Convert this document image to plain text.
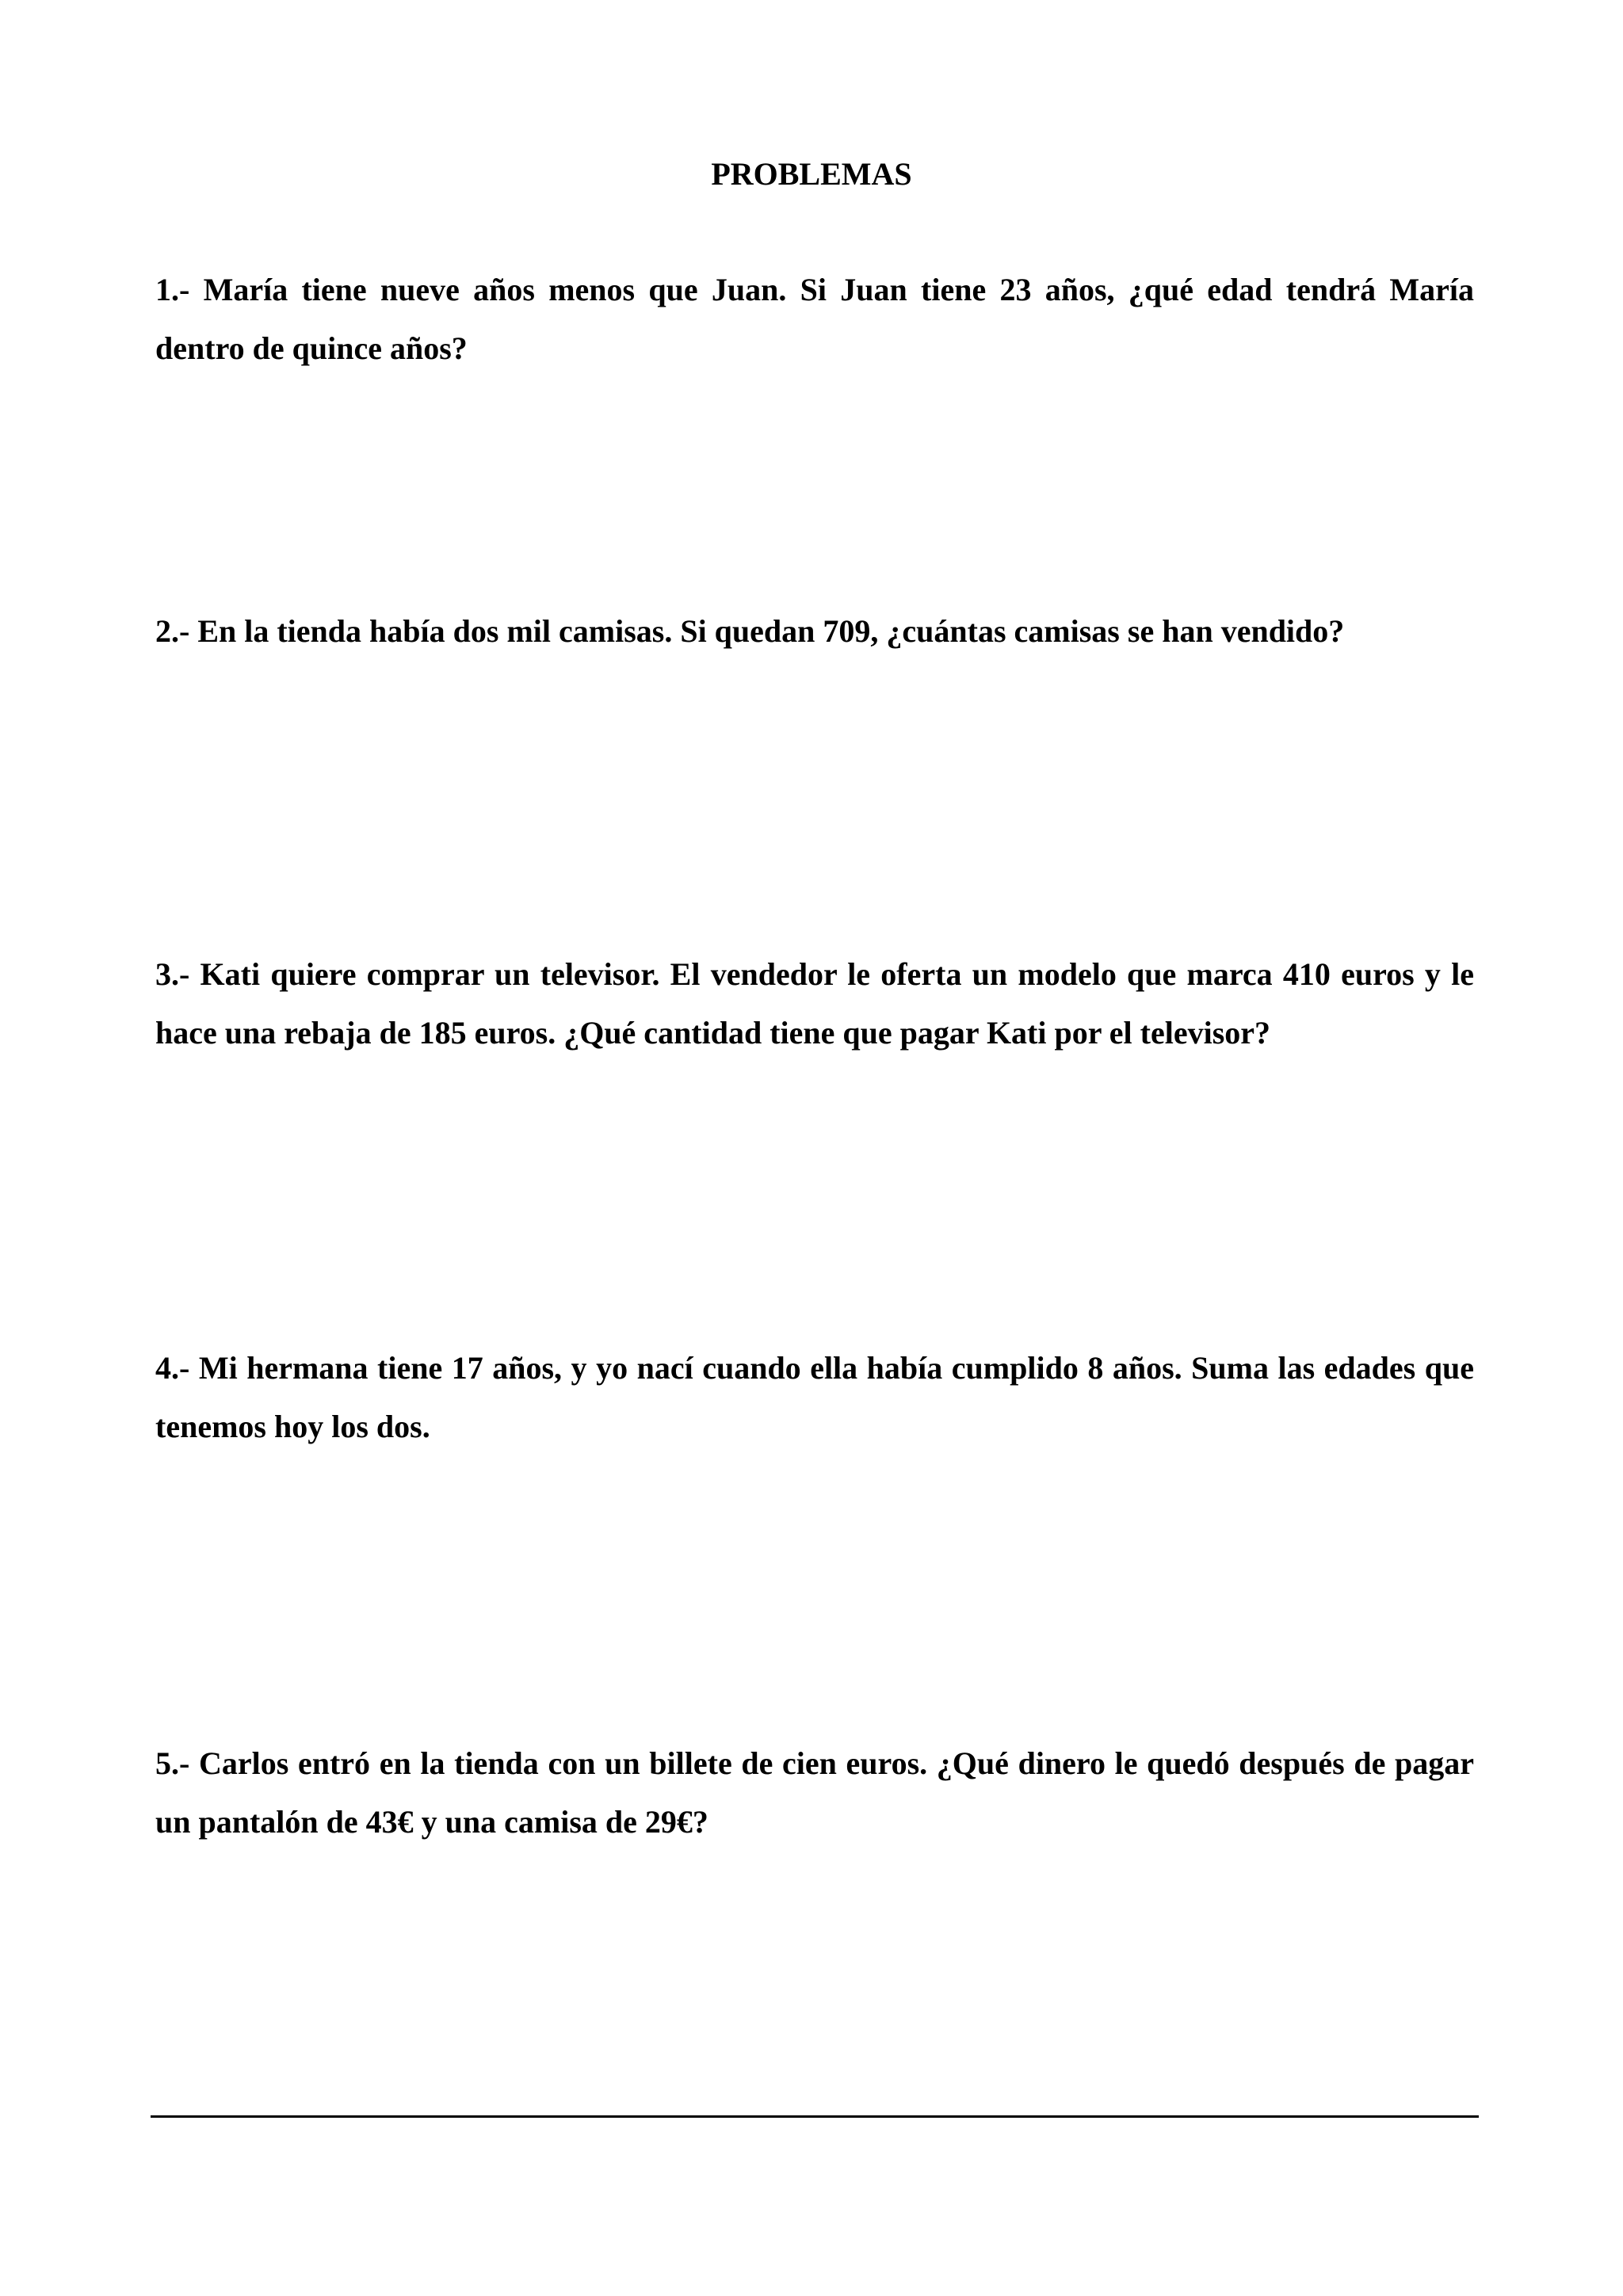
PROBLEMAS

1.- María tiene nueve años menos que Juan. Si Juan tiene 23 años, ¿qué edad tendrá María dentro de quince años?

2.- En la tienda había dos mil camisas. Si quedan 709, ¿cuántas camisas se han vendido?

3.- Kati quiere comprar un televisor. El vendedor le oferta un modelo que marca 410 euros y le hace una rebaja de 185 euros. ¿Qué cantidad tiene que pagar Kati por el televisor?

4.- Mi hermana tiene 17 años, y yo nací cuando ella había cumplido 8 años. Suma las edades que tenemos hoy los dos.

5.- Carlos entró en la tienda con un billete de cien euros. ¿Qué dinero le quedó después de pagar un pantalón de 43€ y una camisa de 29€?
